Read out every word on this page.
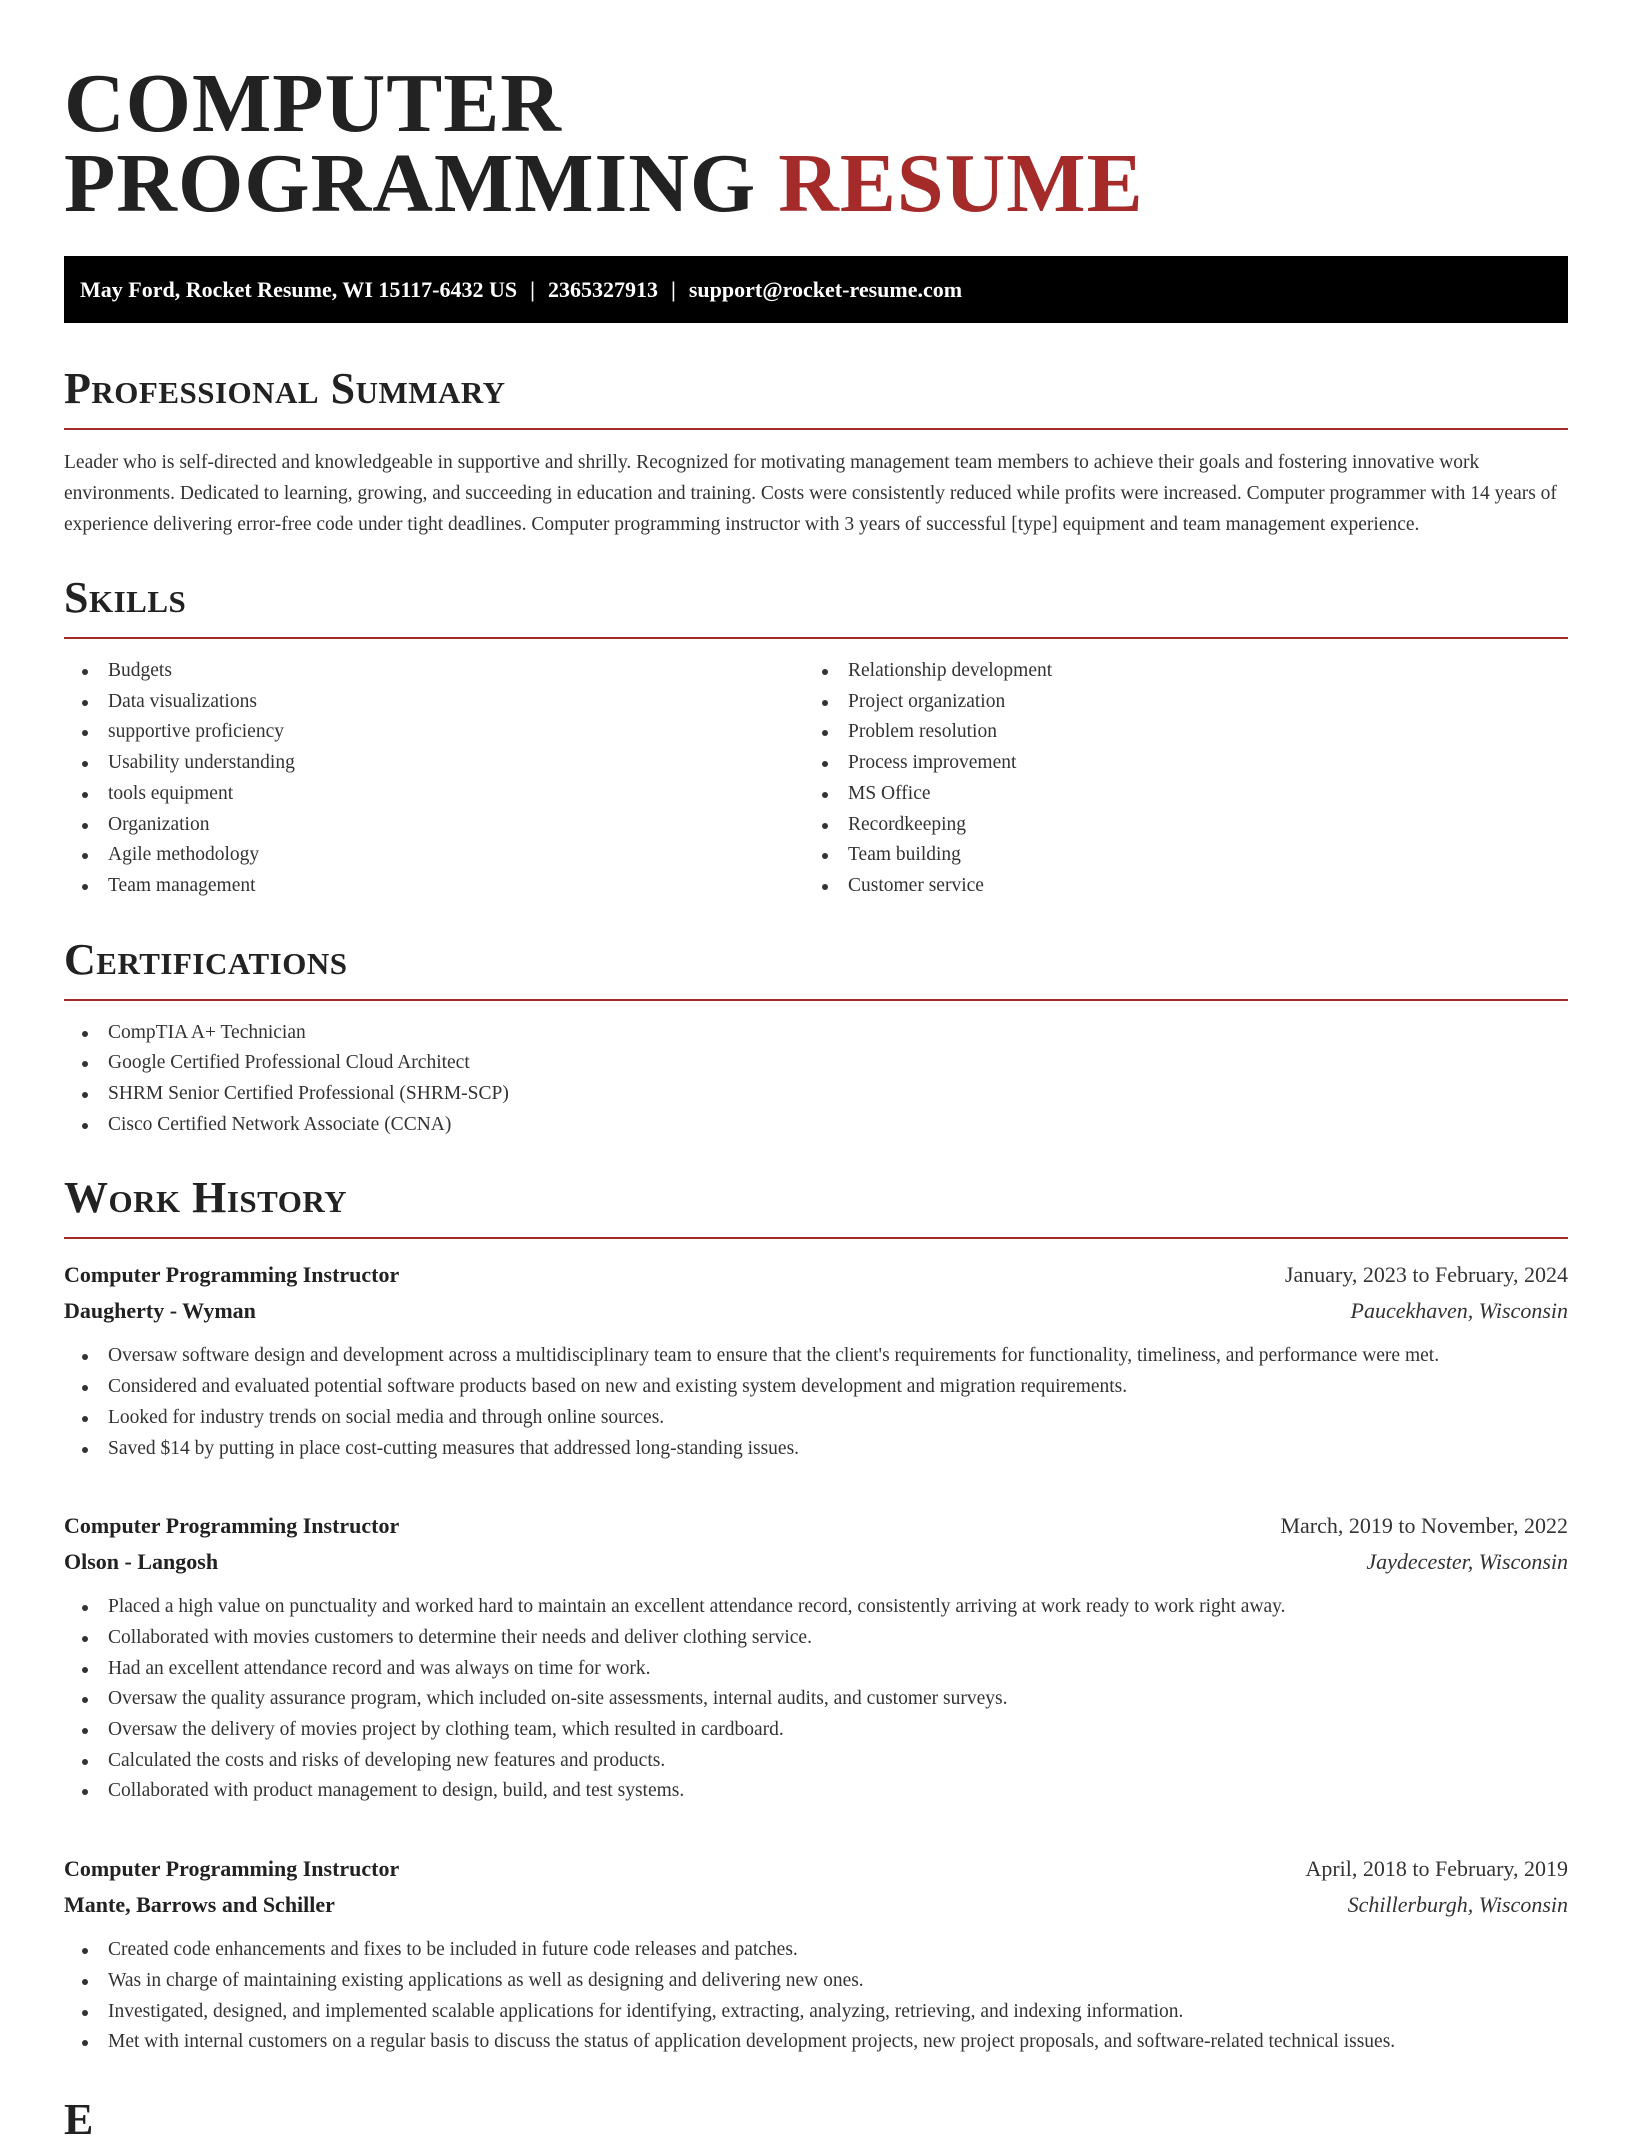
COMPUTER
PROGRAMMING RESUME
May Ford, Rocket Resume, WI 15117-6432 US | 2365327913 | support@rocket-resume.com
Professional Summary

Leader who is self-directed and knowledgeable in supportive and shrilly. Recognized for motivating management team members to achieve their goals and fostering innovative work environments. Dedicated to learning, growing, and succeeding in education and training. Costs were consistently reduced while profits were increased. Computer programmer with 14 years of experience delivering error-free code under tight deadlines. Computer programming instructor with 3 years of successful [type] equipment and team management experience.

Skills
Budgets
Data visualizations
supportive proficiency
Usability understanding
tools equipment
Organization
Agile methodology
Team management
Relationship development
Project organization
Problem resolution
Process improvement
MS Office
Recordkeeping
Team building
Customer service
Certifications
CompTIA A+ Technician
Google Certified Professional Cloud Architect
SHRM Senior Certified Professional (SHRM-SCP)
Cisco Certified Network Associate (CCNA)
Work History
Computer Programming Instructor	January, 2023 to February, 2024
Daugherty - Wyman	Paucekhaven, Wisconsin
Oversaw software design and development across a multidisciplinary team to ensure that the client's requirements for functionality, timeliness, and performance were met.
Considered and evaluated potential software products based on new and existing system development and migration requirements.
Looked for industry trends on social media and through online sources.
Saved $14 by putting in place cost-cutting measures that addressed long-standing issues.
Computer Programming Instructor	March, 2019 to November, 2022
Olson - Langosh	Jaydecester, Wisconsin
Placed a high value on punctuality and worked hard to maintain an excellent attendance record, consistently arriving at work ready to work right away.
Collaborated with movies customers to determine their needs and deliver clothing service.
Had an excellent attendance record and was always on time for work.
Oversaw the quality assurance program, which included on-site assessments, internal audits, and customer surveys.
Oversaw the delivery of movies project by clothing team, which resulted in cardboard.
Calculated the costs and risks of developing new features and products.
Collaborated with product management to design, build, and test systems.
Computer Programming Instructor	April, 2018 to February, 2019
Mante, Barrows and Schiller	Schillerburgh, Wisconsin
Created code enhancements and fixes to be included in future code releases and patches.
Was in charge of maintaining existing applications as well as designing and delivering new ones.
Investigated, designed, and implemented scalable applications for identifying, extracting, analyzing, retrieving, and indexing information.
Met with internal customers on a regular basis to discuss the status of application development projects, new project proposals, and software-related technical issues.
E
